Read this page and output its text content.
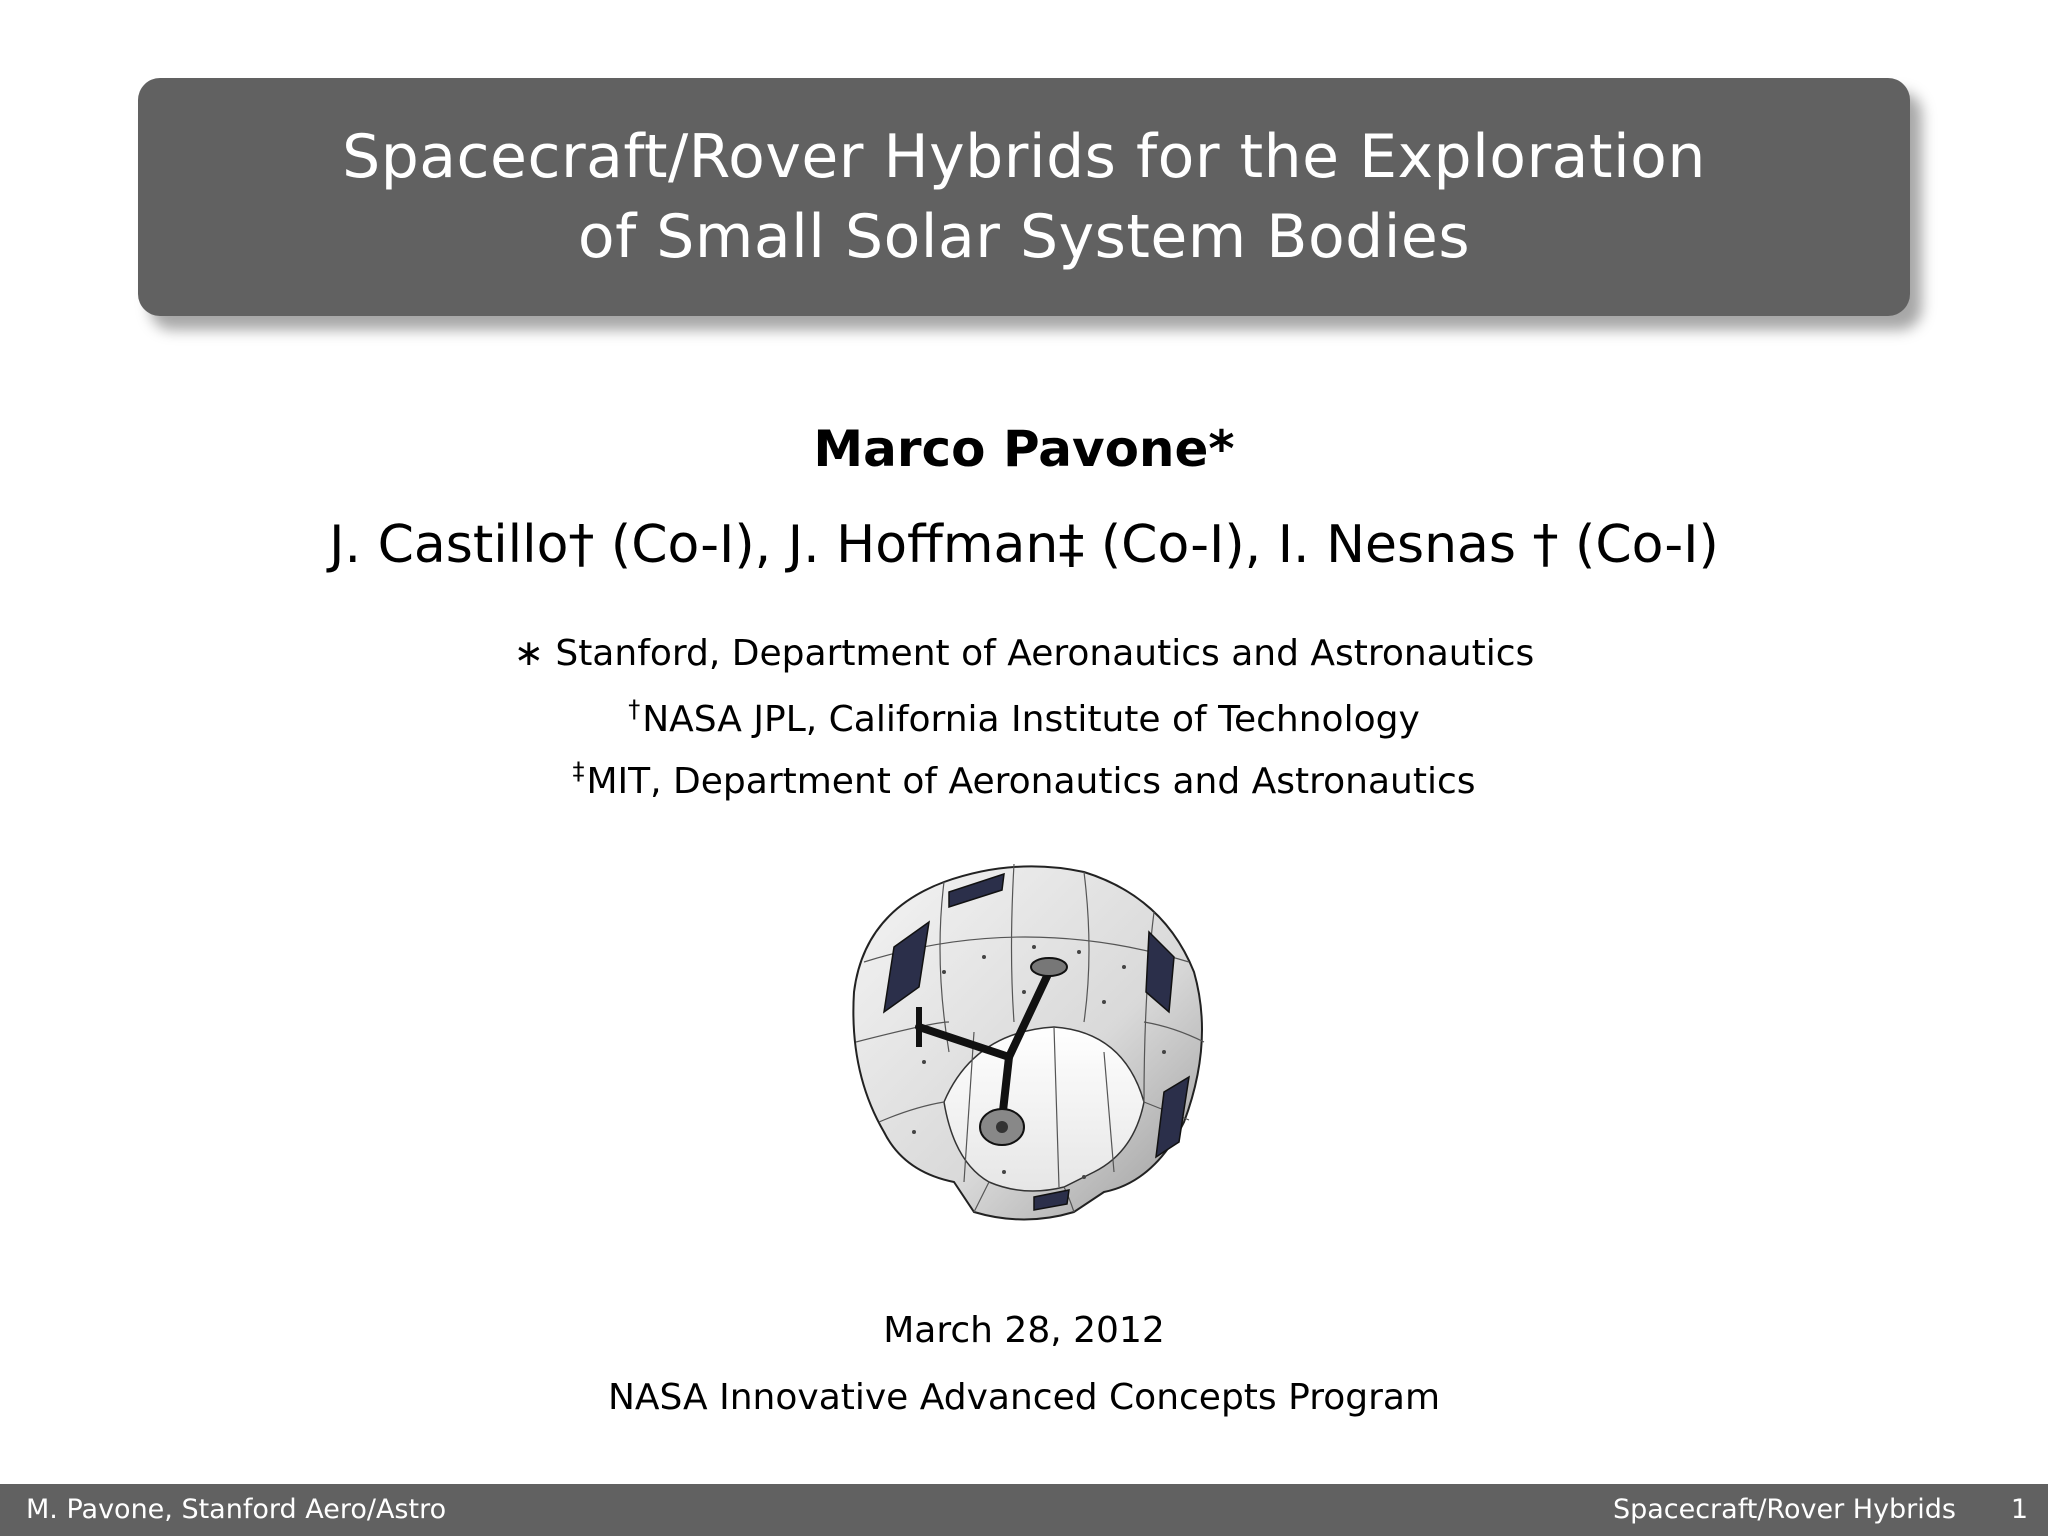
Spacecraft/Rover Hybrids for the Exploration
of Small Solar System Bodies
Marco Pavone*
J. Castillo† (Co-I), J. Hoffman‡ (Co-I), I. Nesnas † (Co-I)
∗ Stanford, Department of Aeronautics and Astronautics
†NASA JPL, California Institute of Technology
‡MIT, Department of Aeronautics and Astronautics
March 28, 2012
NASA Innovative Advanced Concepts Program
M. Pavone, Stanford Aero/Astro	Spacecraft/Rover Hybrids 1
